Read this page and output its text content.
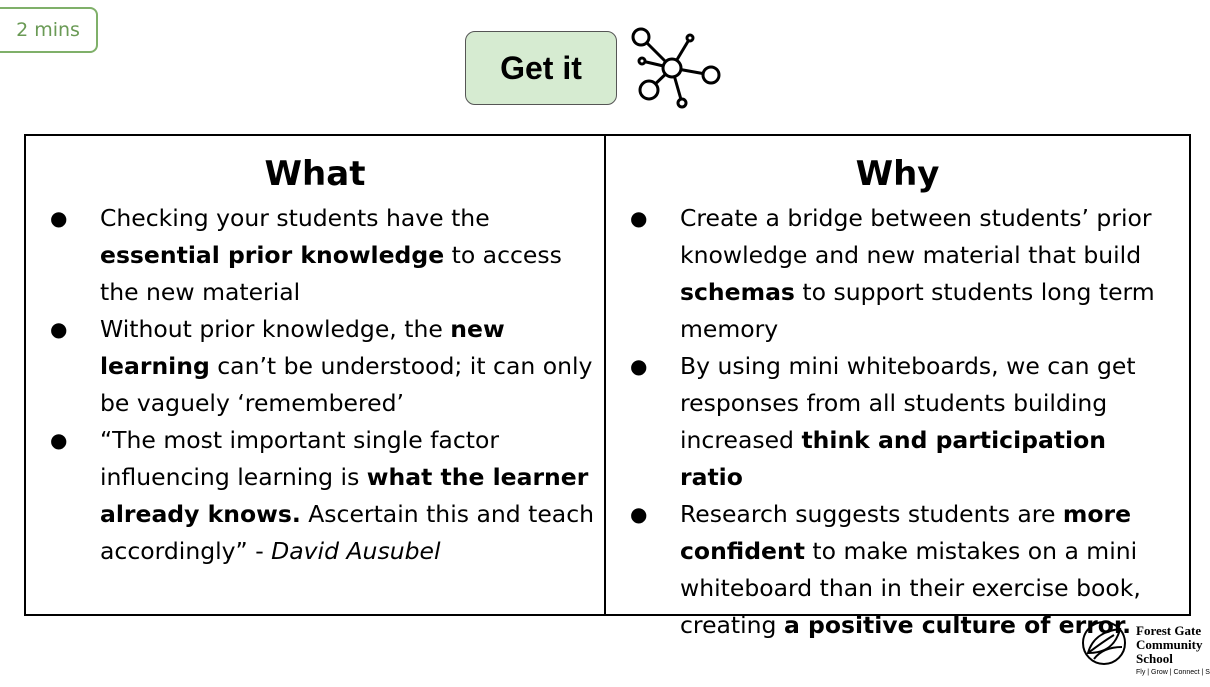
2 mins
Get it
What
● Checking your students have the essential prior knowledge to access the new material
● Without prior knowledge, the new learning can’t be understood; it can only be vaguely ‘remembered’
● “The most important single factor influencing learning is what the learner already knows. Ascertain this and teach accordingly” - David Ausubel
Why
● Create a bridge between students’ prior knowledge and new material that build schemas to support students long term memory
● By using mini whiteboards, we can get responses from all students building increased think and participation ratio
● Research suggests students are more confident to make mistakes on a mini whiteboard than in their exercise book, creating a positive culture of error. Forest Gate
Community
School
Fly | Grow | Connect | S
